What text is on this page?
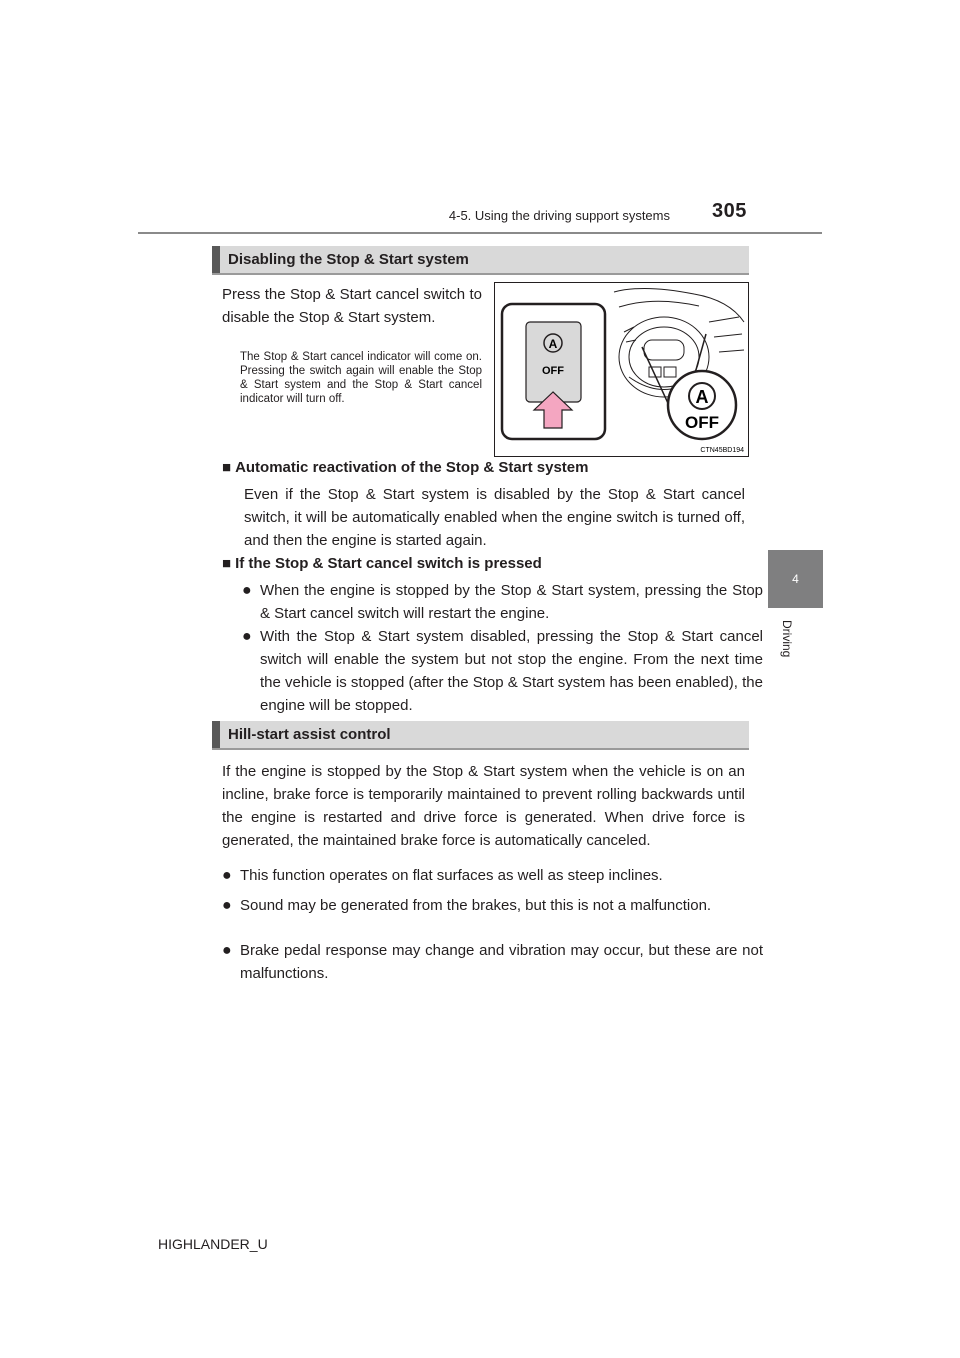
4-5. Using the driving support systems 305
4
Driving
Disabling the Stop & Start system
Press the Stop & Start cancel switch to disable the Stop & Start system.
The Stop & Start cancel indicator will come on. Pressing the switch again will enable the Stop & Start system and the Stop & Start cancel indicator will turn off.
A
OFF
A
OFF
CTN45BD194
■ Automatic reactivation of the Stop & Start system
Even if the Stop & Start system is disabled by the Stop & Start cancel switch, it will be automatically enabled when the engine switch is turned off, and then the engine is started again.
■ If the Stop & Start cancel switch is pressed
● When the engine is stopped by the Stop & Start system, pressing the Stop & Start cancel switch will restart the engine.
● With the Stop & Start system disabled, pressing the Stop & Start cancel switch will enable the system but not stop the engine. From the next time the vehicle is stopped (after the Stop & Start system has been enabled), the engine will be stopped.
Hill-start assist control
If the engine is stopped by the Stop & Start system when the vehicle is on an incline, brake force is temporarily maintained to prevent rolling backwards until the engine is restarted and drive force is generated. When drive force is generated, the maintained brake force is automatically canceled.
● This function operates on flat surfaces as well as steep inclines.
● Sound may be generated from the brakes, but this is not a malfunction.
● Brake pedal response may change and vibration may occur, but these are not malfunctions.
HIGHLANDER_U
